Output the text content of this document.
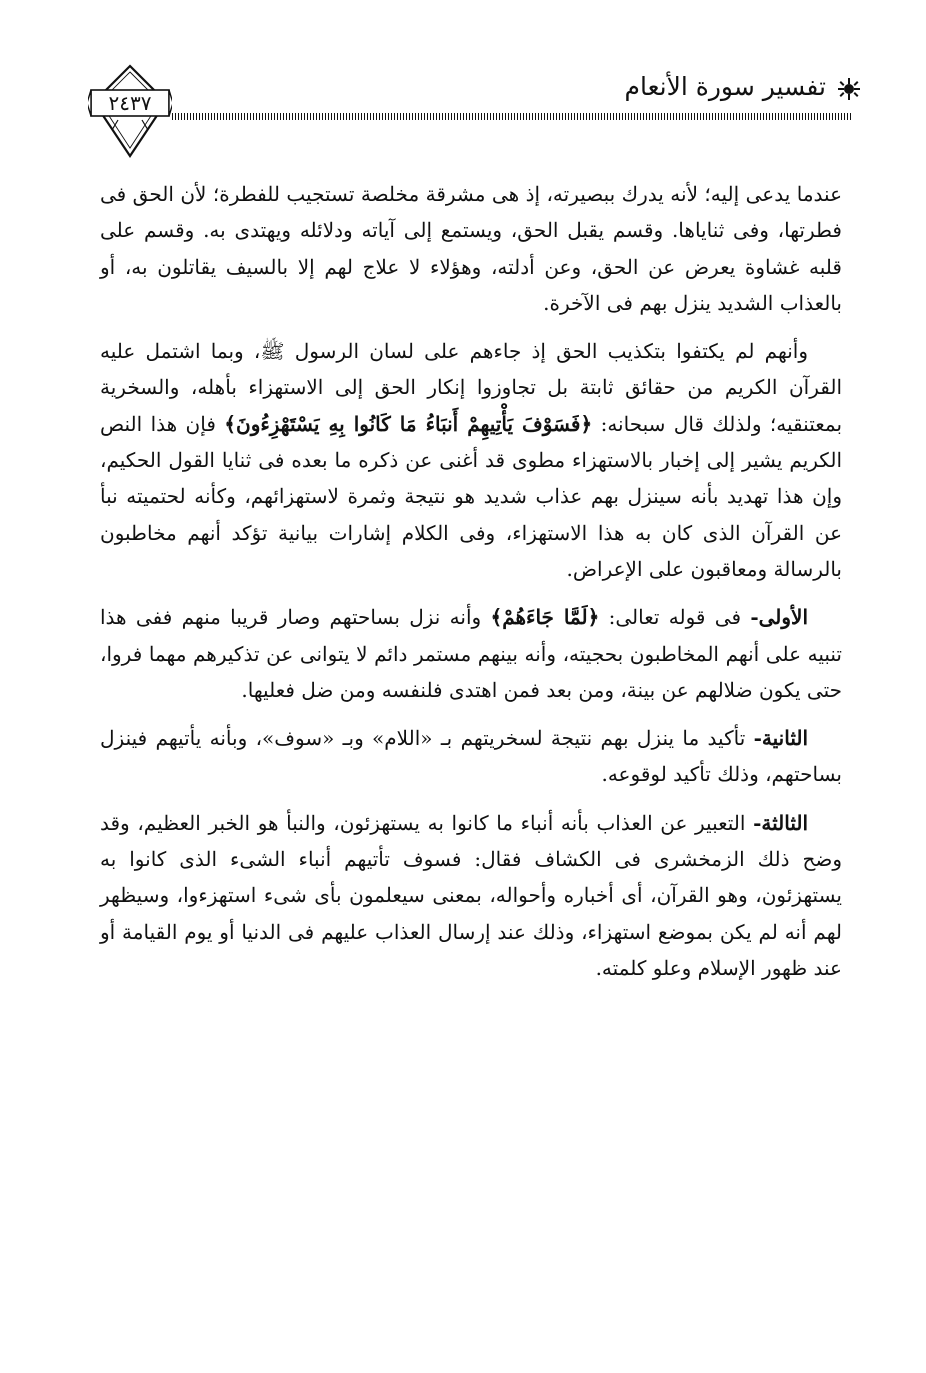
تفسير سورة الأنعام
٢٤٣٧

عندما يدعى إليه؛ لأنه يدرك ببصيرته، إذ هى مشرقة مخلصة تستجيب للفطرة؛ لأن الحق فى فطرتها، وفى ثناياها. وقسم يقبل الحق، ويستمع إلى آياته ودلائله ويهتدى به. وقسم على قلبه غشاوة يعرض عن الحق، وعن أدلته، وهؤلاء لا علاج لهم إلا بالسيف يقاتلون به، أو بالعذاب الشديد ينزل بهم فى الآخرة.

وأنهم لم يكتفوا بتكذيب الحق إذ جاءهم على لسان الرسول ﷺ، وبما اشتمل عليه القرآن الكريم من حقائق ثابتة بل تجاوزوا إنكار الحق إلى الاستهزاء بأهله، والسخرية بمعتنقيه؛ ولذلك قال سبحانه: ﴿فَسَوْفَ يَأْتِيهِمْ أَنبَاءُ مَا كَانُوا بِهِ يَسْتَهْزِءُونَ﴾ فإن هذا النص الكريم يشير إلى إخبار بالاستهزاء مطوى قد أغنى عن ذكره ما بعده فى ثنايا القول الحكيم، وإن هذا تهديد بأنه سينزل بهم عذاب شديد هو نتيجة وثمرة لاستهزائهم، وكأنه لحتميته نبأ عن القرآن الذى كان به هذا الاستهزاء، وفى الكلام إشارات بيانية تؤكد أنهم مخاطبون بالرسالة ومعاقبون على الإعراض.

الأولى- فى قوله تعالى: ﴿لَمَّا جَاءَهُمْ﴾ وأنه نزل بساحتهم وصار قريبا منهم ففى هذا تنبيه على أنهم المخاطبون بحجيته، وأنه بينهم مستمر دائم لا يتوانى عن تذكيرهم مهما فروا، حتى يكون ضلالهم عن بينة، ومن بعد فمن اهتدى فلنفسه ومن ضل فعليها.

الثانية- تأكيد ما ينزل بهم نتيجة لسخريتهم بـ «اللام» وبـ «سوف»، وبأنه يأتيهم فينزل بساحتهم، وذلك تأكيد لوقوعه.

الثالثة- التعبير عن العذاب بأنه أنباء ما كانوا به يستهزئون، والنبأ هو الخبر العظيم، وقد وضح ذلك الزمخشرى فى الكشاف فقال: فسوف تأتيهم أنباء الشىء الذى كانوا به يستهزئون، وهو القرآن، أى أخباره وأحواله، بمعنى سيعلمون بأى شىء استهزءوا، وسيظهر لهم أنه لم يكن بموضع استهزاء، وذلك عند إرسال العذاب عليهم فى الدنيا أو يوم القيامة أو عند ظهور الإسلام وعلو كلمته.
